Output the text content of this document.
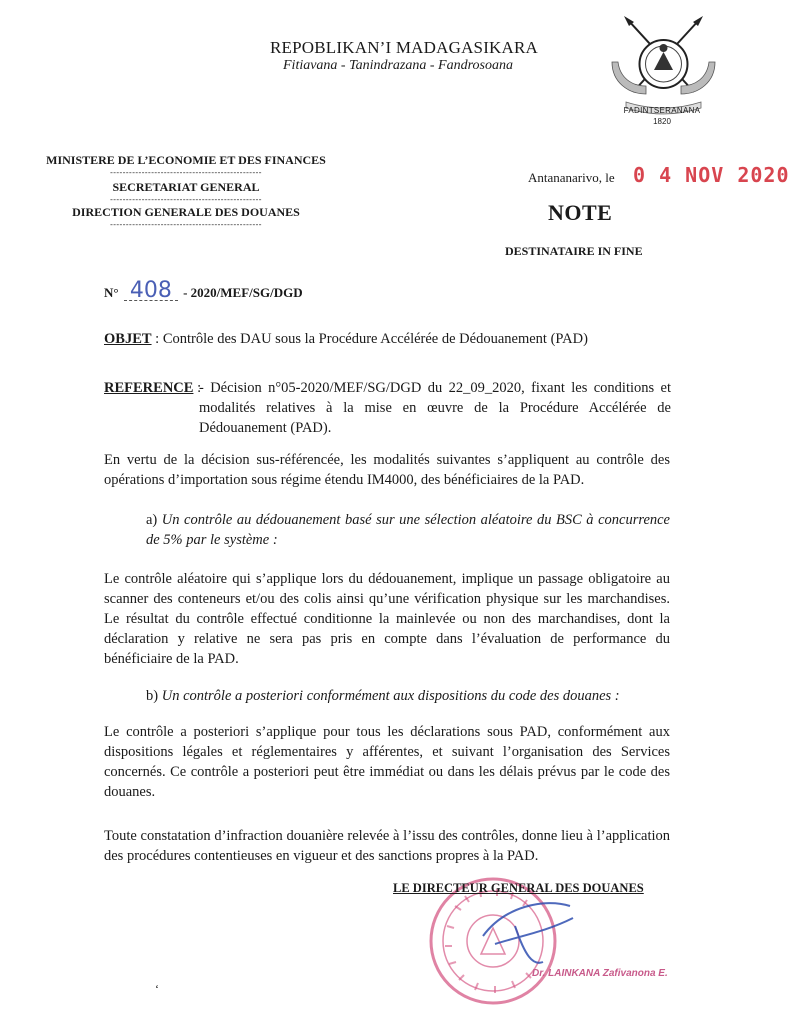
REPOBLIKAN’I MADAGASIKARA
Fitiavana - Tanindrazana - Fandrosoana
FADINTSERANANA
1820
MINISTERE DE L’ECONOMIE ET DES FINANCES
------------------------------------------------
SECRETARIAT GENERAL
------------------------------------------------
DIRECTION GENERALE DES DOUANES
------------------------------------------------
Antananarivo, le 0 4 NOV 2020
NOTE
DESTINATAIRE IN FINE
N° 408 - 2020/MEF/SG/DGD
OBJET : Contrôle des DAU sous la Procédure Accélérée de Dédouanement (PAD)
REFERENCE :
- Décision n°05-2020/MEF/SG/DGD du 22_09_2020, fixant les conditions et modalités relatives à la mise en œuvre de la Procédure Accélérée de Dédouanement (PAD).
En vertu de la décision sus-référencée, les modalités suivantes s’appliquent au contrôle des opérations d’importation sous régime étendu IM4000, des bénéficiaires de la PAD.
a) Un contrôle au dédouanement basé sur une sélection aléatoire du BSC à concurrence de 5% par le système :
Le contrôle aléatoire qui s’applique lors du dédouanement, implique un passage obligatoire au scanner des conteneurs et/ou des colis ainsi qu’une vérification physique sur les marchandises. Le résultat du contrôle effectué conditionne la mainlevée ou non des marchandises, dont la déclaration y relative ne sera pas pris en compte dans l’évaluation de performance du bénéficiaire de la PAD.
b) Un contrôle a posteriori conformément aux dispositions du code des douanes :
Le contrôle a posteriori s’applique pour tous les déclarations sous PAD, conformément aux dispositions légales et réglementaires y afférentes, et suivant l’organisation des Services concernés. Ce contrôle a posteriori peut être immédiat ou dans les délais prévus par le code des douanes.
Toute constatation d’infraction douanière relevée à l’issu des contrôles, donne lieu à l’application des procédures contentieuses en vigueur et des sanctions propres à la PAD.
LE DIRECTEUR GENERAL DES DOUANES
Dr. LAINKANA Zafivanona E.
‘
